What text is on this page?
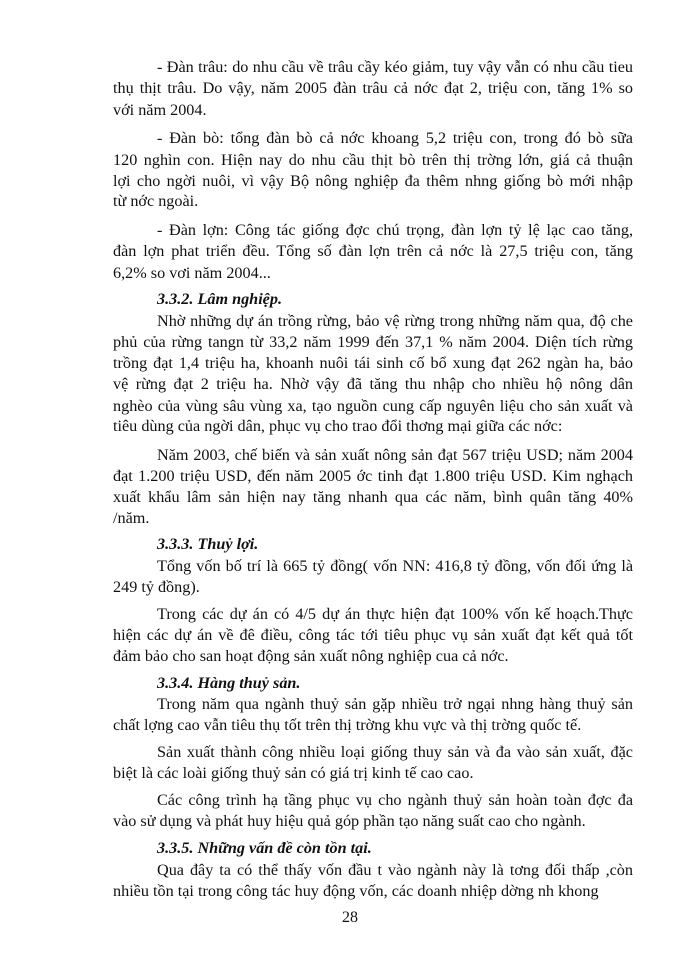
- Đàn trâu: do nhu cầu về trâu cầy kéo giảm, tuy vậy vẫn có nhu cầu tieu
thụ thịt trâu. Do vậy, năm 2005 đàn trâu cả nớc đạt 2, triệu con, tăng 1% so
với năm 2004.
- Đàn bò: tổng đàn bò cả nớc khoang 5,2 triệu con, trong đó bò sữa
120 nghìn con. Hiện nay do nhu cầu thịt bò trên thị trờng lớn, giá cả thuận
lợi cho ngời nuôi, vì vậy Bộ nông nghiệp đa thêm nhng giống bò mới nhập
từ nớc ngoài.
- Đàn lợn: Công tác giống đợc chú trọng, đàn lợn tỷ lệ lạc cao tăng,
đàn lợn phat triển đều. Tổng số đàn lợn trên cả nớc là 27,5 triệu con, tăng
6,2% so vơi năm 2004...
3.3.2. Lâm nghiệp.
Nhờ những dự án trồng rừng, bảo vệ rừng trong những năm qua, độ che
phủ của rừng tangn từ 33,2 năm 1999 đến 37,1 % năm 2004. Diện tích rừng
trồng đạt 1,4 triệu ha, khoanh nuôi tái sinh cố bổ xung đạt 262 ngàn ha, bảo
vệ rừng đạt 2 triệu ha. Nhờ vậy đã tăng thu nhập cho nhiều hộ nông dân
nghèo của vùng sâu vùng xa, tạo nguồn cung cấp nguyên liệu cho sản xuất và
tiêu dùng của ngời dân, phục vụ cho trao đổi thơng mại giữa các nớc:
Năm 2003, chế biến và sản xuất nông sản đạt 567 triệu USD; năm 2004
đạt 1.200 triệu USD, đến năm 2005 ớc tinh đạt 1.800 triệu USD. Kim nghạch
xuất khẩu lâm sản hiện nay tăng nhanh qua các năm, bình quân tăng 40%
/năm.
3.3.3. Thuỷ lợi.
Tổng vốn bố trí là 665 tỷ đồng( vốn NN: 416,8 tỷ đồng, vốn đối ứng là
249 tỷ đồng).
Trong các dự án có 4/5 dự án thực hiện đạt 100% vốn kế hoạch.Thực
hiện các dự án về đê điều, công tác tới tiêu phục vụ sản xuất đạt kết quả tốt
đảm bảo cho san hoạt động sản xuất nông nghiệp cua cả nớc.
3.3.4. Hàng thuỷ sản.
Trong năm qua ngành thuỷ sản gặp nhiều trở ngại nhng hàng thuỷ sản
chất lợng cao vẫn tiêu thụ tốt trên thị trờng khu vực và thị trờng quốc tế.
Sản xuất thành công nhiều loại giống thuy sản và đa vào sản xuất, đặc
biệt là các loài giống thuỷ sản có giá trị kinh tế cao cao.
Các công trình hạ tầng phục vụ cho ngành thuỷ sản hoàn toàn đợc đa
vào sử dụng và phát huy hiệu quả góp phần tạo năng suất cao cho ngành.
3.3.5. Những vấn đề còn tồn tại.
Qua đây ta có thể thấy vốn đầu t vào ngành này là tơng đối thấp ,còn
nhiều tồn tại trong công tác huy động vốn, các doanh nhiệp dờng nh khong
28
